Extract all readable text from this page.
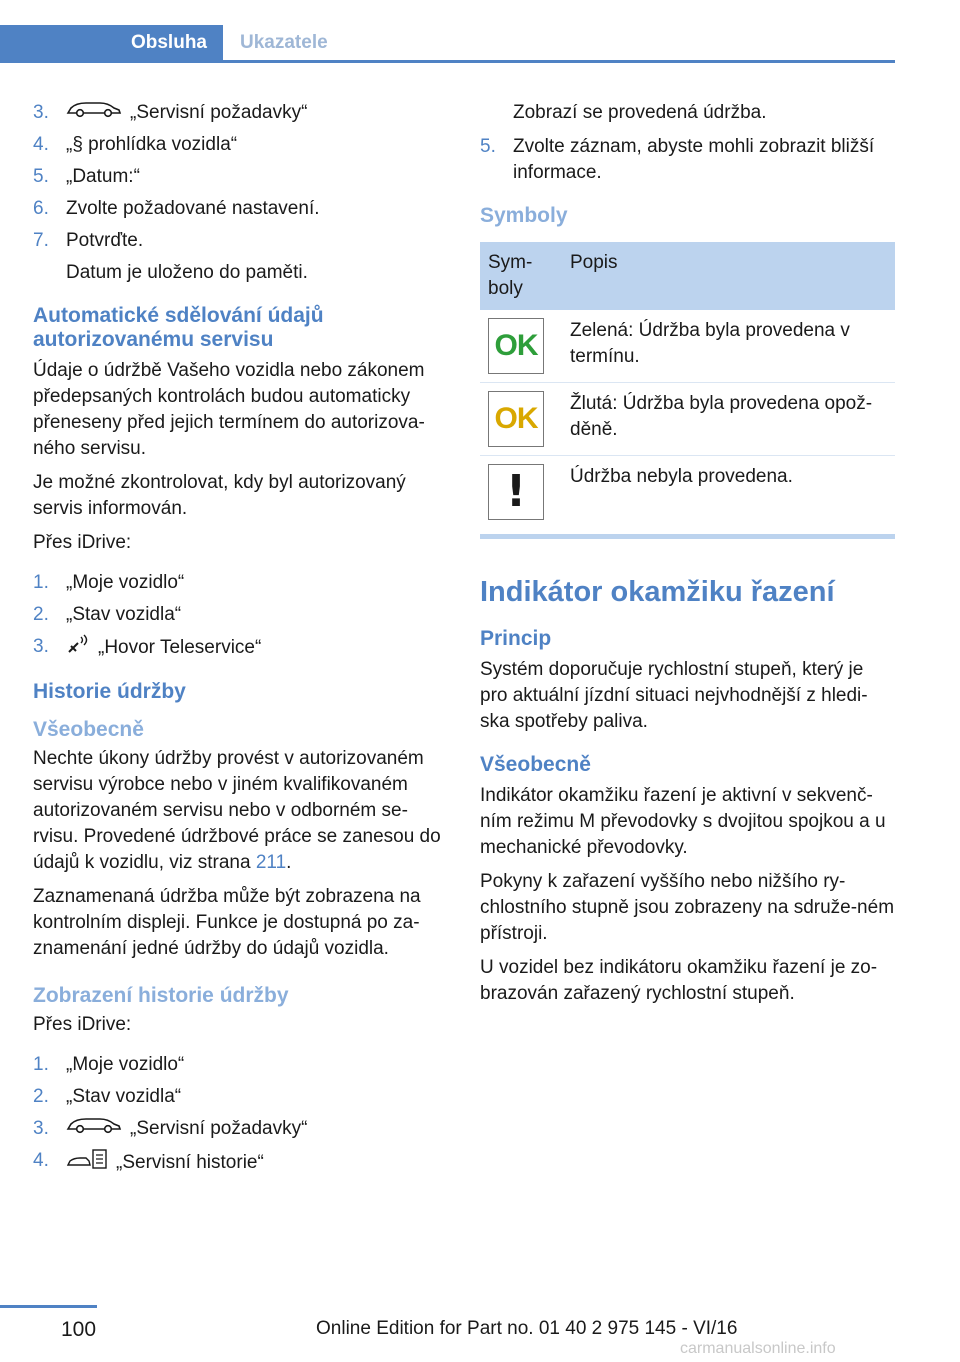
Obsluha	Ukazatele
3.	„Servisní požadavky“
4. „§ prohlídka vozidla“
5. „Datum:“
6. Zvolte požadované nastavení.
7. Potvrďte.
Datum je uloženo do paměti.
Automatické sdělování údajů autorizovanému servisu

Údaje o údržbě Vašeho vozidla nebo zákonem předepsaných kontrolách budou automaticky přeneseny před jejich termínem do autorizova‐ného servisu.

Je možné zkontrolovat, kdy byl autorizovaný servis informován.

Přes iDrive:

1. „Moje vozidlo“
2. „Stav vozidla“
3.	„Hovor Teleservice“
Historie údržby
Všeobecně

Nechte úkony údržby provést v autorizovaném servisu výrobce nebo v jiném kvalifikovaném autorizovaném servisu nebo v odborném se‐rvisu. Provedené údržbové práce se zanesou do údajů k vozidlu, viz strana 211.

Zaznamenaná údržba může být zobrazena na kontrolním displeji. Funkce je dostupná po za‐znamenání jedné údržby do údajů vozidla.

Zobrazení historie údržby

Přes iDrive:

1. „Moje vozidlo“
2. „Stav vozidla“
3.	„Servisní požadavky“
4.	„Servisní historie“

Zobrazí se provedená údržba.

5. Zvolte záznam, abyste mohli zobrazit bližší informace.
Symboly
Sym‐boly	Popis

OK	Zelená: Údržba byla provedena v termínu.

OK	Žlutá: Údržba byla provedena opož‐děně.

!	Údržba nebyla provedena.
Indikátor okamžiku řazení
Princip

Systém doporučuje rychlostní stupeň, který je pro aktuální jízdní situaci nejvhodnější z hledi‐ska spotřeby paliva.

Všeobecně

Indikátor okamžiku řazení je aktivní v sekvenč‐ním režimu M převodovky s dvojitou spojkou a u mechanické převodovky.

Pokyny k zařazení vyššího nebo nižšího ry‐chlostního stupně jsou zobrazeny na sdruže‐ném přístroji.

U vozidel bez indikátoru okamžiku řazení je zo‐brazován zařazený rychlostní stupeň.

100	Online Edition for Part no. 01 40 2 975 145 - VI/16
carmanualsonline.info
